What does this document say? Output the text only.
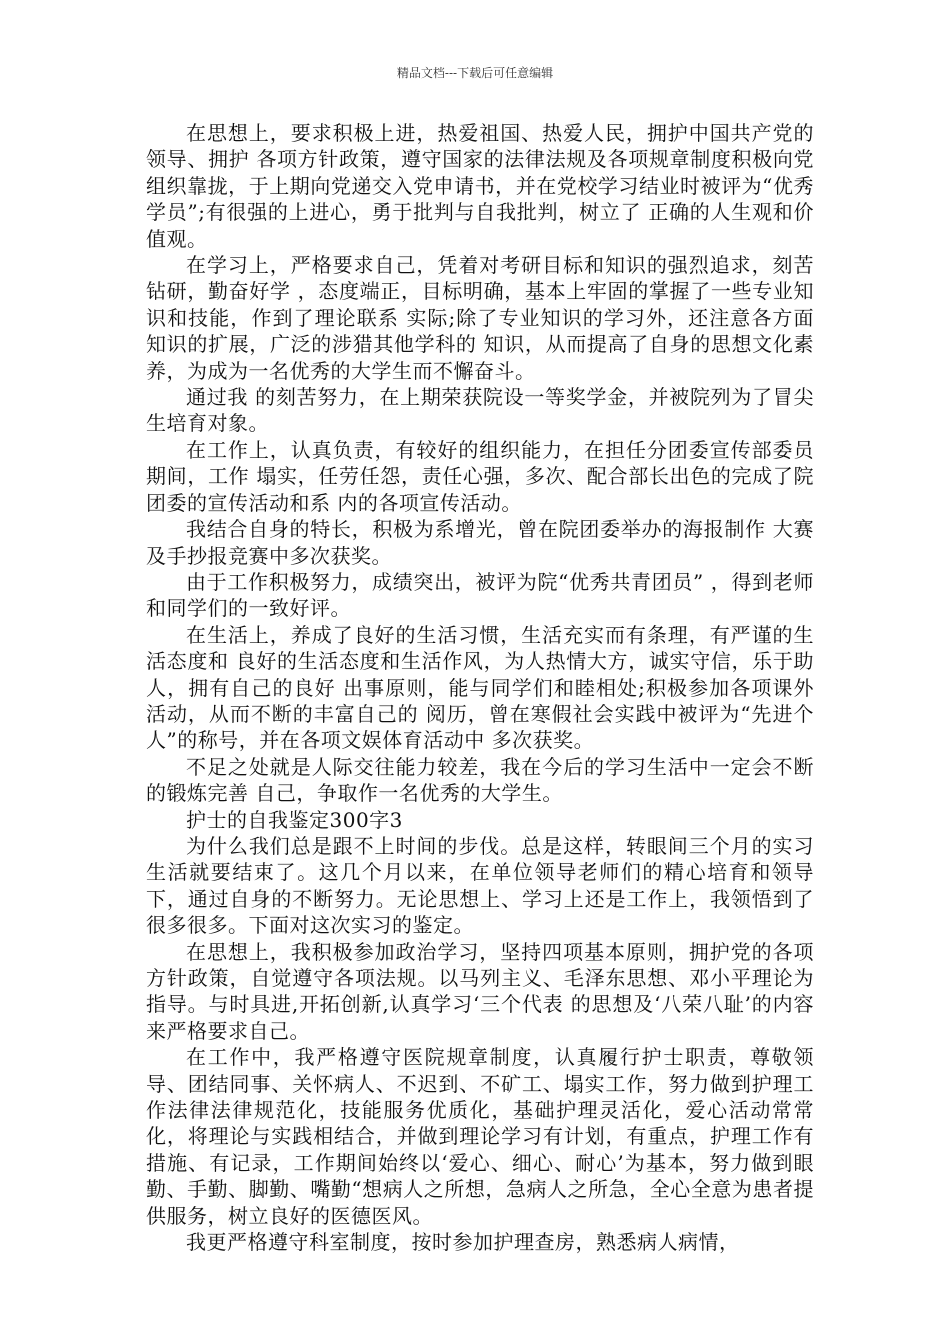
精品文档---下载后可任意编辑

在思想上，要求积极上进，热爱祖国、热爱人民，拥护中国共产党的领导、拥护 各项方针政策，遵守国家的法律法规及各项规章制度积极向党组织靠拢，于上期向党递交入党申请书，并在党校学习结业时被评为“优秀学员”;有很强的上进心，勇于批判与自我批判，树立了 正确的人生观和价值观。

在学习上，严格要求自己，凭着对考研目标和知识的强烈追求，刻苦钻研，勤奋好学 ，态度端正，目标明确，基本上牢固的掌握了一些专业知识和技能，作到了理论联系 实际;除了专业知识的学习外，还注意各方面知识的扩展，广泛的涉猎其他学科的 知识，从而提高了自身的思想文化素养，为成为一名优秀的大学生而不懈奋斗。

通过我 的刻苦努力，在上期荣获院设一等奖学金，并被院列为了冒尖生培育对象。

在工作上，认真负责，有较好的组织能力，在担任分团委宣传部委员期间，工作 塌实，任劳任怨，责任心强，多次、配合部长出色的完成了院团委的宣传活动和系 内的各项宣传活动。

我结合自身的特长，积极为系增光，曾在院团委举办的海报制作 大赛及手抄报竞赛中多次获奖。

由于工作积极努力，成绩突出，被评为院“优秀共青团员” ，得到老师和同学们的一致好评。

在生活上，养成了良好的生活习惯，生活充实而有条理，有严谨的生活态度和 良好的生活态度和生活作风，为人热情大方，诚实守信，乐于助人，拥有自己的良好 出事原则，能与同学们和睦相处;积极参加各项课外活动，从而不断的丰富自己的 阅历，曾在寒假社会实践中被评为“先进个人”的称号，并在各项文娱体育活动中 多次获奖。

不足之处就是人际交往能力较差，我在今后的学习生活中一定会不断的锻炼完善 自己，争取作一名优秀的大学生。

护士的自我鉴定300字3

为什么我们总是跟不上时间的步伐。总是这样，转眼间三个月的实习生活就要结束了。这几个月以来，在单位领导老师们的精心培育和领导下，通过自身的不断努力。无论思想上、学习上还是工作上，我领悟到了很多很多。下面对这次实习的鉴定。

在思想上，我积极参加政治学习，坚持四项基本原则，拥护党的各项方针政策，自觉遵守各项法规。以马列主义、毛泽东思想、邓小平理论为指导。与时具进,开拓创新,认真学习‘三个代表 的思想及‘八荣八耻’的内容来严格要求自己。

在工作中，我严格遵守医院规章制度，认真履行护士职责，尊敬领导、团结同事、关怀病人、不迟到、不矿工、塌实工作，努力做到护理工作法律法律规范化，技能服务优质化，基础护理灵活化，爱心活动常常化，将理论与实践相结合，并做到理论学习有计划，有重点，护理工作有措施、有记录，工作期间始终以‘爱心、细心、耐心’为基本，努力做到眼勤、手勤、脚勤、嘴勤“想病人之所想，急病人之所急，全心全意为患者提供服务，树立良好的医德医风。

我更严格遵守科室制度，按时参加护理查房，熟悉病人病情，
